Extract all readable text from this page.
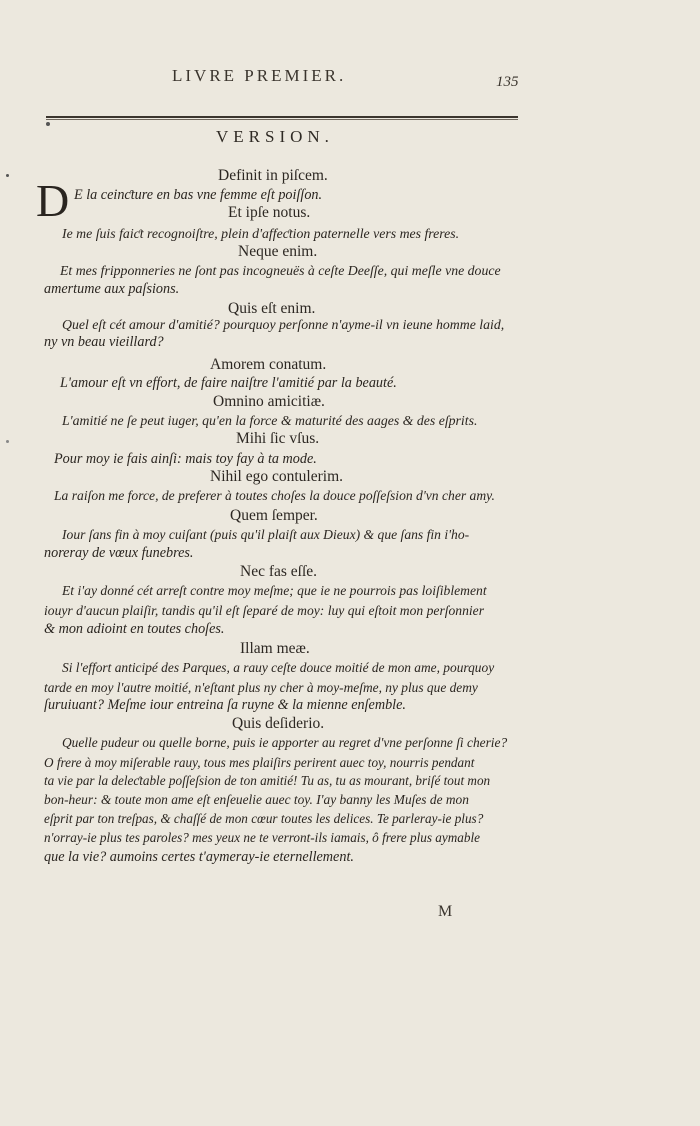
LIVRE PREMIER.	135
VERSION.
D	Definit in piſcem.
E la ceinƈture en bas vne femme eſt poiſſon.
Et ipſe notus.
Ie me ſuis faiƈt recognoiſtre, plein d'affeƈtion paternelle vers mes freres.
Neque enim.
Et mes fripponneries ne ſont pas incogneuës à ceſte Deeſſe, qui meſle vne douce
amertume aux paſsions.
Quis eſt enim.
Quel eſt cét amour d'amitié? pourquoy perſonne n'ayme-il vn ieune homme laid,
ny vn beau vieillard?
Amorem conatum.
L'amour eſt vn effort, de faire naiſtre l'amitié par la beauté.
Omnino amicitiæ.
L'amitié ne ſe peut iuger, qu'en la force & maturité des aages & des eſprits.
Mihi ſic vſus.
Pour moy ie fais ainſi: mais toy fay à ta mode.
Nihil ego contulerim.
La raiſon me force, de preferer à toutes choſes la douce poſſeſsion d'vn cher amy.
Quem ſemper.
Iour ſans fin à moy cuiſant (puis qu'il plaiſt aux Dieux) & que ſans fin i'ho-
noreray de vœux funebres.
Nec fas eſſe.
Et i'ay donné cét arreſt contre moy meſme; que ie ne pourrois pas loiſiblement
iouyr d'aucun plaiſir, tandis qu'il eſt ſeparé de moy: luy qui eſtoit mon perſonnier
& mon adioint en toutes choſes.
Illam meæ.
Si l'effort anticipé des Parques, a rauy ceſte douce moitié de mon ame, pourquoy
tarde en moy l'autre moitié, n'eſtant plus ny cher à moy-meſme, ny plus que demy
ſuruiuant? Meſme iour entreina ſa ruyne & la mienne enſemble.
Quis deſiderio.
Quelle pudeur ou quelle borne, puis ie apporter au regret d'vne perſonne ſi cherie?
O frere à moy miſerable rauy, tous mes plaiſirs perirent auec toy, nourris pendant
ta vie par la deleƈtable poſſeſsion de ton amitié! Tu as, tu as mourant, briſé tout mon
bon-heur: & toute mon ame eſt enſeuelie auec toy. I'ay banny les Muſes de mon
eſprit par ton treſpas, & chaſſé de mon cœur toutes les delices. Te parleray-ie plus?
n'orray-ie plus tes paroles? mes yeux ne te verront-ils iamais, ô frere plus aymable
que la vie? aumoins certes t'aymeray-ie eternellement.
M
